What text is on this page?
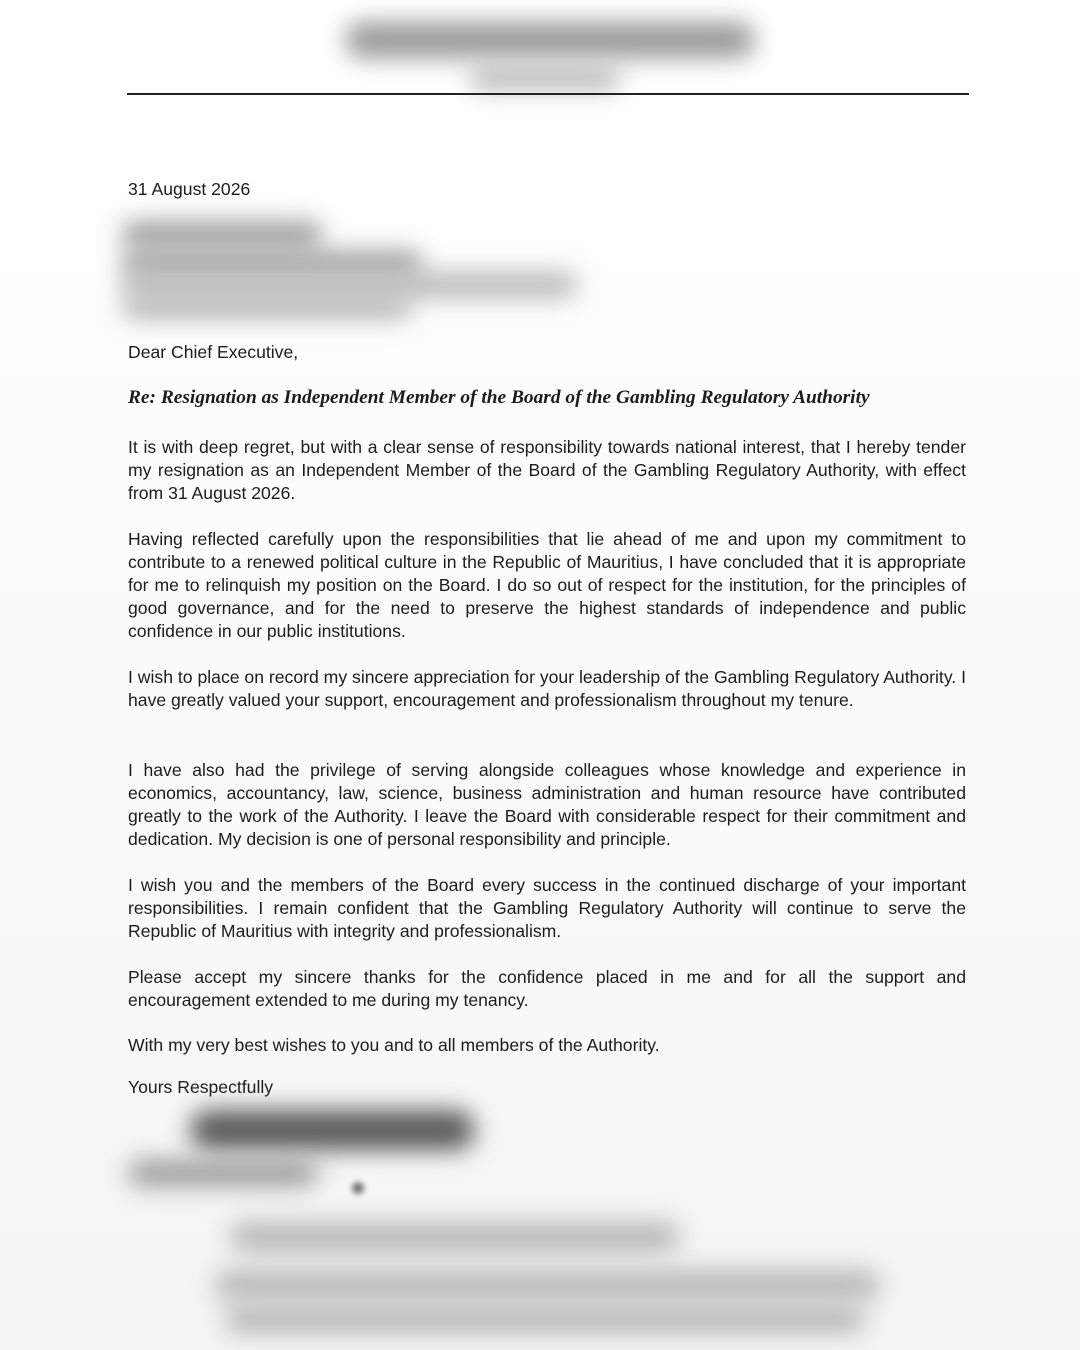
31 August 2026

Dear Chief Executive,

Re: Resignation as Independent Member of the Board of the Gambling Regulatory Authority

It is with deep regret, but with a clear sense of responsibility towards national interest, that I hereby tender my resignation as an Independent Member of the Board of the Gambling Regulatory Authority, with effect from 31 August 2026.

Having reflected carefully upon the responsibilities that lie ahead of me and upon my commitment to contribute to a renewed political culture in the Republic of Mauritius, I have concluded that it is appropriate for me to relinquish my position on the Board. I do so out of respect for the institution, for the principles of good governance, and for the need to preserve the highest standards of independence and public confidence in our public institutions.

I wish to place on record my sincere appreciation for your leadership of the Gambling Regulatory Authority. I have greatly valued your support, encouragement and professionalism throughout my tenure.

I have also had the privilege of serving alongside colleagues whose knowledge and experience in economics, accountancy, law, science, business administration and human resource have contributed greatly to the work of the Authority. I leave the Board with considerable respect for their commitment and dedication. My decision is one of personal responsibility and principle.

I wish you and the members of the Board every success in the continued discharge of your important responsibilities. I remain confident that the Gambling Regulatory Authority will continue to serve the Republic of Mauritius with integrity and professionalism.

Please accept my sincere thanks for the confidence placed in me and for all the support and encouragement extended to me during my tenancy.

With my very best wishes to you and to all members of the Authority.

Yours Respectfully
